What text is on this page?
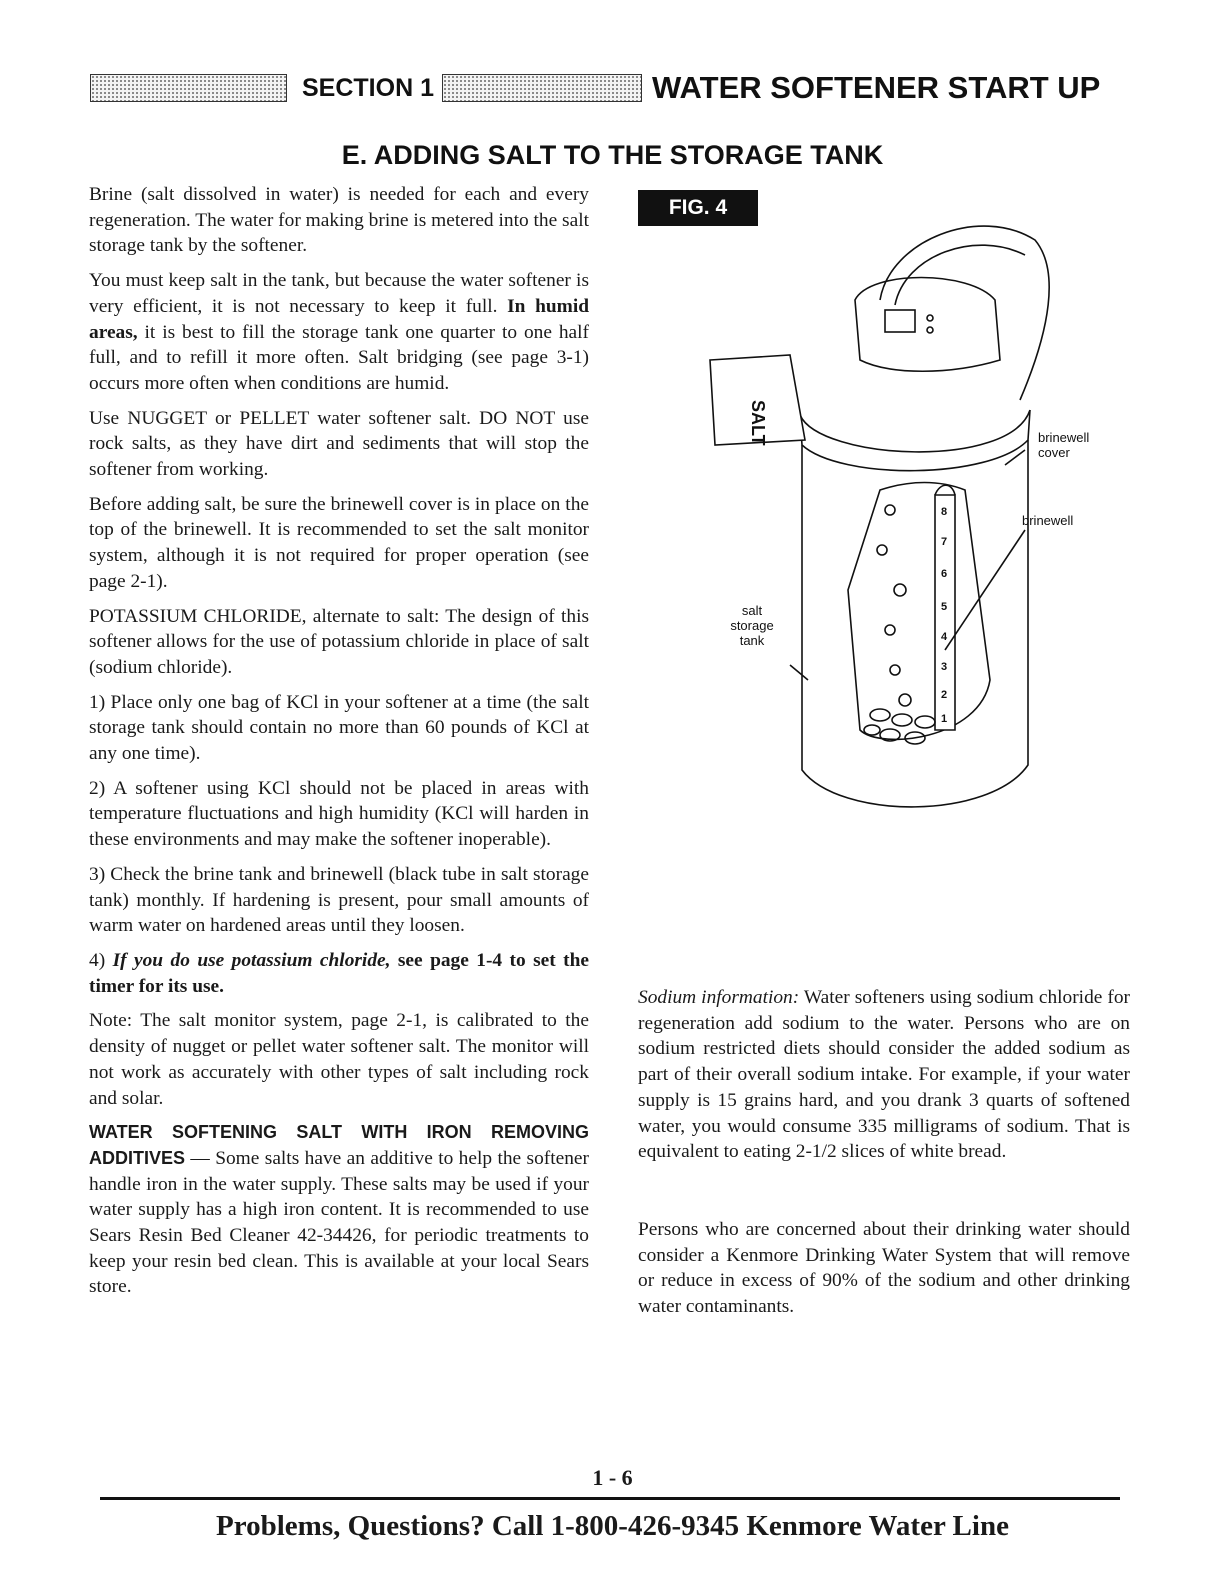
SECTION 1	WATER SOFTENER START UP
E. ADDING SALT TO THE STORAGE TANK

Brine (salt dissolved in water) is needed for each and every regeneration. The water for making brine is metered into the salt storage tank by the softener.

You must keep salt in the tank, but because the water softener is very efficient, it is not necessary to keep it full. In humid areas, it is best to fill the storage tank one quarter to one half full, and to refill it more often. Salt bridging (see page 3-1) occurs more often when conditions are humid.

Use NUGGET or PELLET water softener salt. DO NOT use rock salts, as they have dirt and sediments that will stop the softener from working.

Before adding salt, be sure the brinewell cover is in place on the top of the brinewell. It is recommended to set the salt monitor system, although it is not required for proper operation (see page 2-1).

POTASSIUM CHLORIDE, alternate to salt: The design of this softener allows for the use of potassium chloride in place of salt (sodium chloride).

1) Place only one bag of KCl in your softener at a time (the salt storage tank should contain no more than 60 pounds of KCl at any one time).

2) A softener using KCl should not be placed in areas with temperature fluctuations and high humidity (KCl will harden in these environments and may make the softener inoperable).

3) Check the brine tank and brinewell (black tube in salt storage tank) monthly. If hardening is present, pour small amounts of warm water on hardened areas until they loosen.

4) If you do use potassium chloride, see page 1-4 to set the timer for its use.

Note: The salt monitor system, page 2-1, is calibrated to the density of nugget or pellet water softener salt. The monitor will not work as accurately with other types of salt including rock and solar.

WATER SOFTENING SALT WITH IRON REMOVING ADDITIVES — Some salts have an additive to help the softener handle iron in the water supply. These salts may be used if your water supply has a high iron content. It is recommended to use Sears Resin Bed Cleaner 42-34426, for periodic treatments to keep your resin bed clean. This is available at your local Sears store.

FIG. 4
8
7
6
5
4
3
2
1
SALT	brinewell
cover
brinewell
salt
storage
tank

Sodium information: Water softeners using sodium chloride for regeneration add sodium to the water. Persons who are on sodium restricted diets should consider the added sodium as part of their overall sodium intake. For example, if your water supply is 15 grains hard, and you drank 3 quarts of softened water, you would consume 335 milligrams of sodium. That is equivalent to eating 2-1/2 slices of white bread.

Persons who are concerned about their drinking water should consider a Kenmore Drinking Water System that will remove or reduce in excess of 90% of the sodium and other drinking water contaminants.

1 - 6
Problems, Questions? Call 1-800-426-9345 Kenmore Water Line
